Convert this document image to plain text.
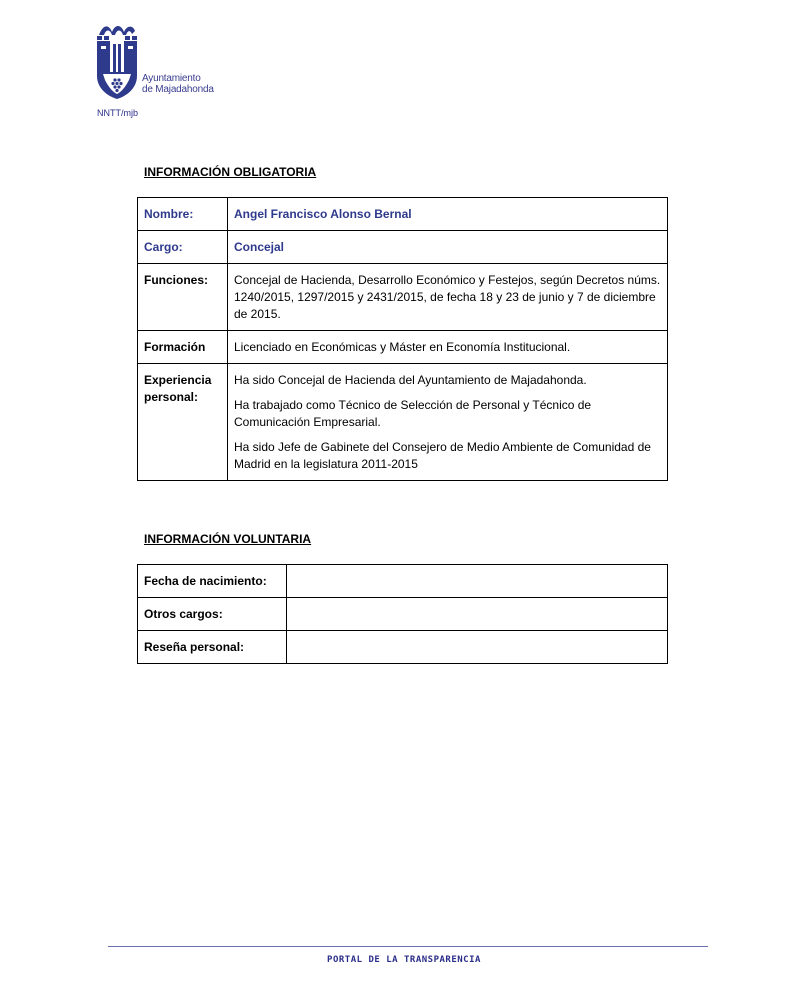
Ayuntamiento
de Majadahonda
NNTT/mjb
INFORMACIÓN OBLIGATORIA
Nombre:	Angel Francisco Alonso Bernal
Cargo:	Concejal
Funciones:	Concejal de Hacienda, Desarrollo Económico y Festejos, según Decretos núms. 1240/2015, 1297/2015 y 2431/2015, de fecha 18 y 23 de junio y 7 de diciembre de 2015.
Formación	Licenciado en Económicas y Máster en Economía Institucional.
Experiencia personal:	Ha sido Concejal de Hacienda del Ayuntamiento de Majadahonda.

Ha trabajado como Técnico de Selección de Personal y Técnico de Comunicación Empresarial.

Ha sido Jefe de Gabinete del Consejero de Medio Ambiente de Comunidad de Madrid en la legislatura 2011-2015

INFORMACIÓN VOLUNTARIA
Fecha de nacimiento:	
Otros cargos:	
Reseña personal:	
PORTAL DE LA TRANSPARENCIA
